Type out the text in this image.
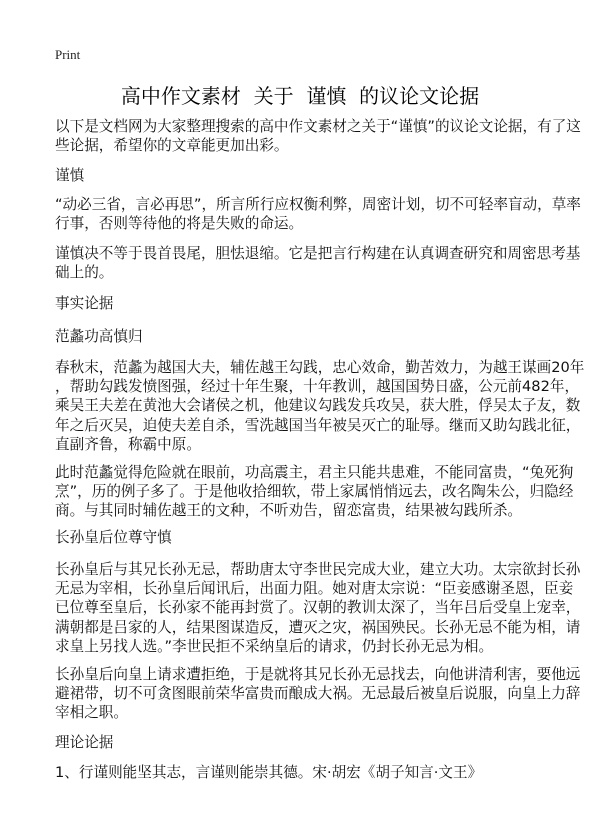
Print
高中作文素材  关于  谨慎  的议论文论据
以下是文档网为大家整理搜索的高中作文素材之关于“谨慎”的议论文论据，有了这
些论据，希望你的文章能更加出彩。
谨慎
“动必三省，言必再思”，所言所行应权衡利弊，周密计划，切不可轻率盲动，草率
行事，否则等待他的将是失败的命运。
谨慎决不等于畏首畏尾，胆怯退缩。它是把言行构建在认真调查研究和周密思考基
础上的。
事实论据
范蠡功高慎归
春秋末，范蠡为越国大夫，辅佐越王勾践，忠心效命，勤苦效力，为越王谋画20年
，帮助勾践发愤图强，经过十年生聚，十年教训，越国国势日盛，公元前482年，
乘吴王夫差在黄池大会诸侯之机，他建议勾践发兵攻吴，获大胜，俘吴太子友，数
年之后灭吴，迫使夫差自杀，雪洗越国当年被吴灭亡的耻辱。继而又助勾践北征，
直副齐鲁，称霸中原。
此时范蠡觉得危险就在眼前，功高震主，君主只能共患难，不能同富贵，“兔死狗
烹”，历的例子多了。于是他收拾细软，带上家属悄悄远去，改名陶朱公，归隐经
商。与其同时辅佐越王的文种，不听劝告，留恋富贵，结果被勾践所杀。
长孙皇后位尊守慎
长孙皇后与其兄长孙无忌，帮助唐太守李世民完成大业，建立大功。太宗欲封长孙
无忌为宰相，长孙皇后闻讯后，出面力阻。她对唐太宗说：“臣妾感谢圣恩，臣妾
已位尊至皇后，长孙家不能再封赏了。汉朝的教训太深了，当年吕后受皇上宠幸，
满朝都是吕家的人，结果图谋造反，遭灭之灾，祸国殃民。长孙无忌不能为相，请
求皇上另找人选。”李世民拒不采纳皇后的请求，仍封长孙无忌为相。
长孙皇后向皇上请求遭拒绝，于是就将其兄长孙无忌找去，向他讲清利害，要他远
避裙带，切不可贪图眼前荣华富贵而酿成大祸。无忌最后被皇后说服，向皇上力辞
宰相之职。
理论论据
1、行谨则能坚其志，言谨则能崇其德。宋·胡宏《胡子知言·文王》
